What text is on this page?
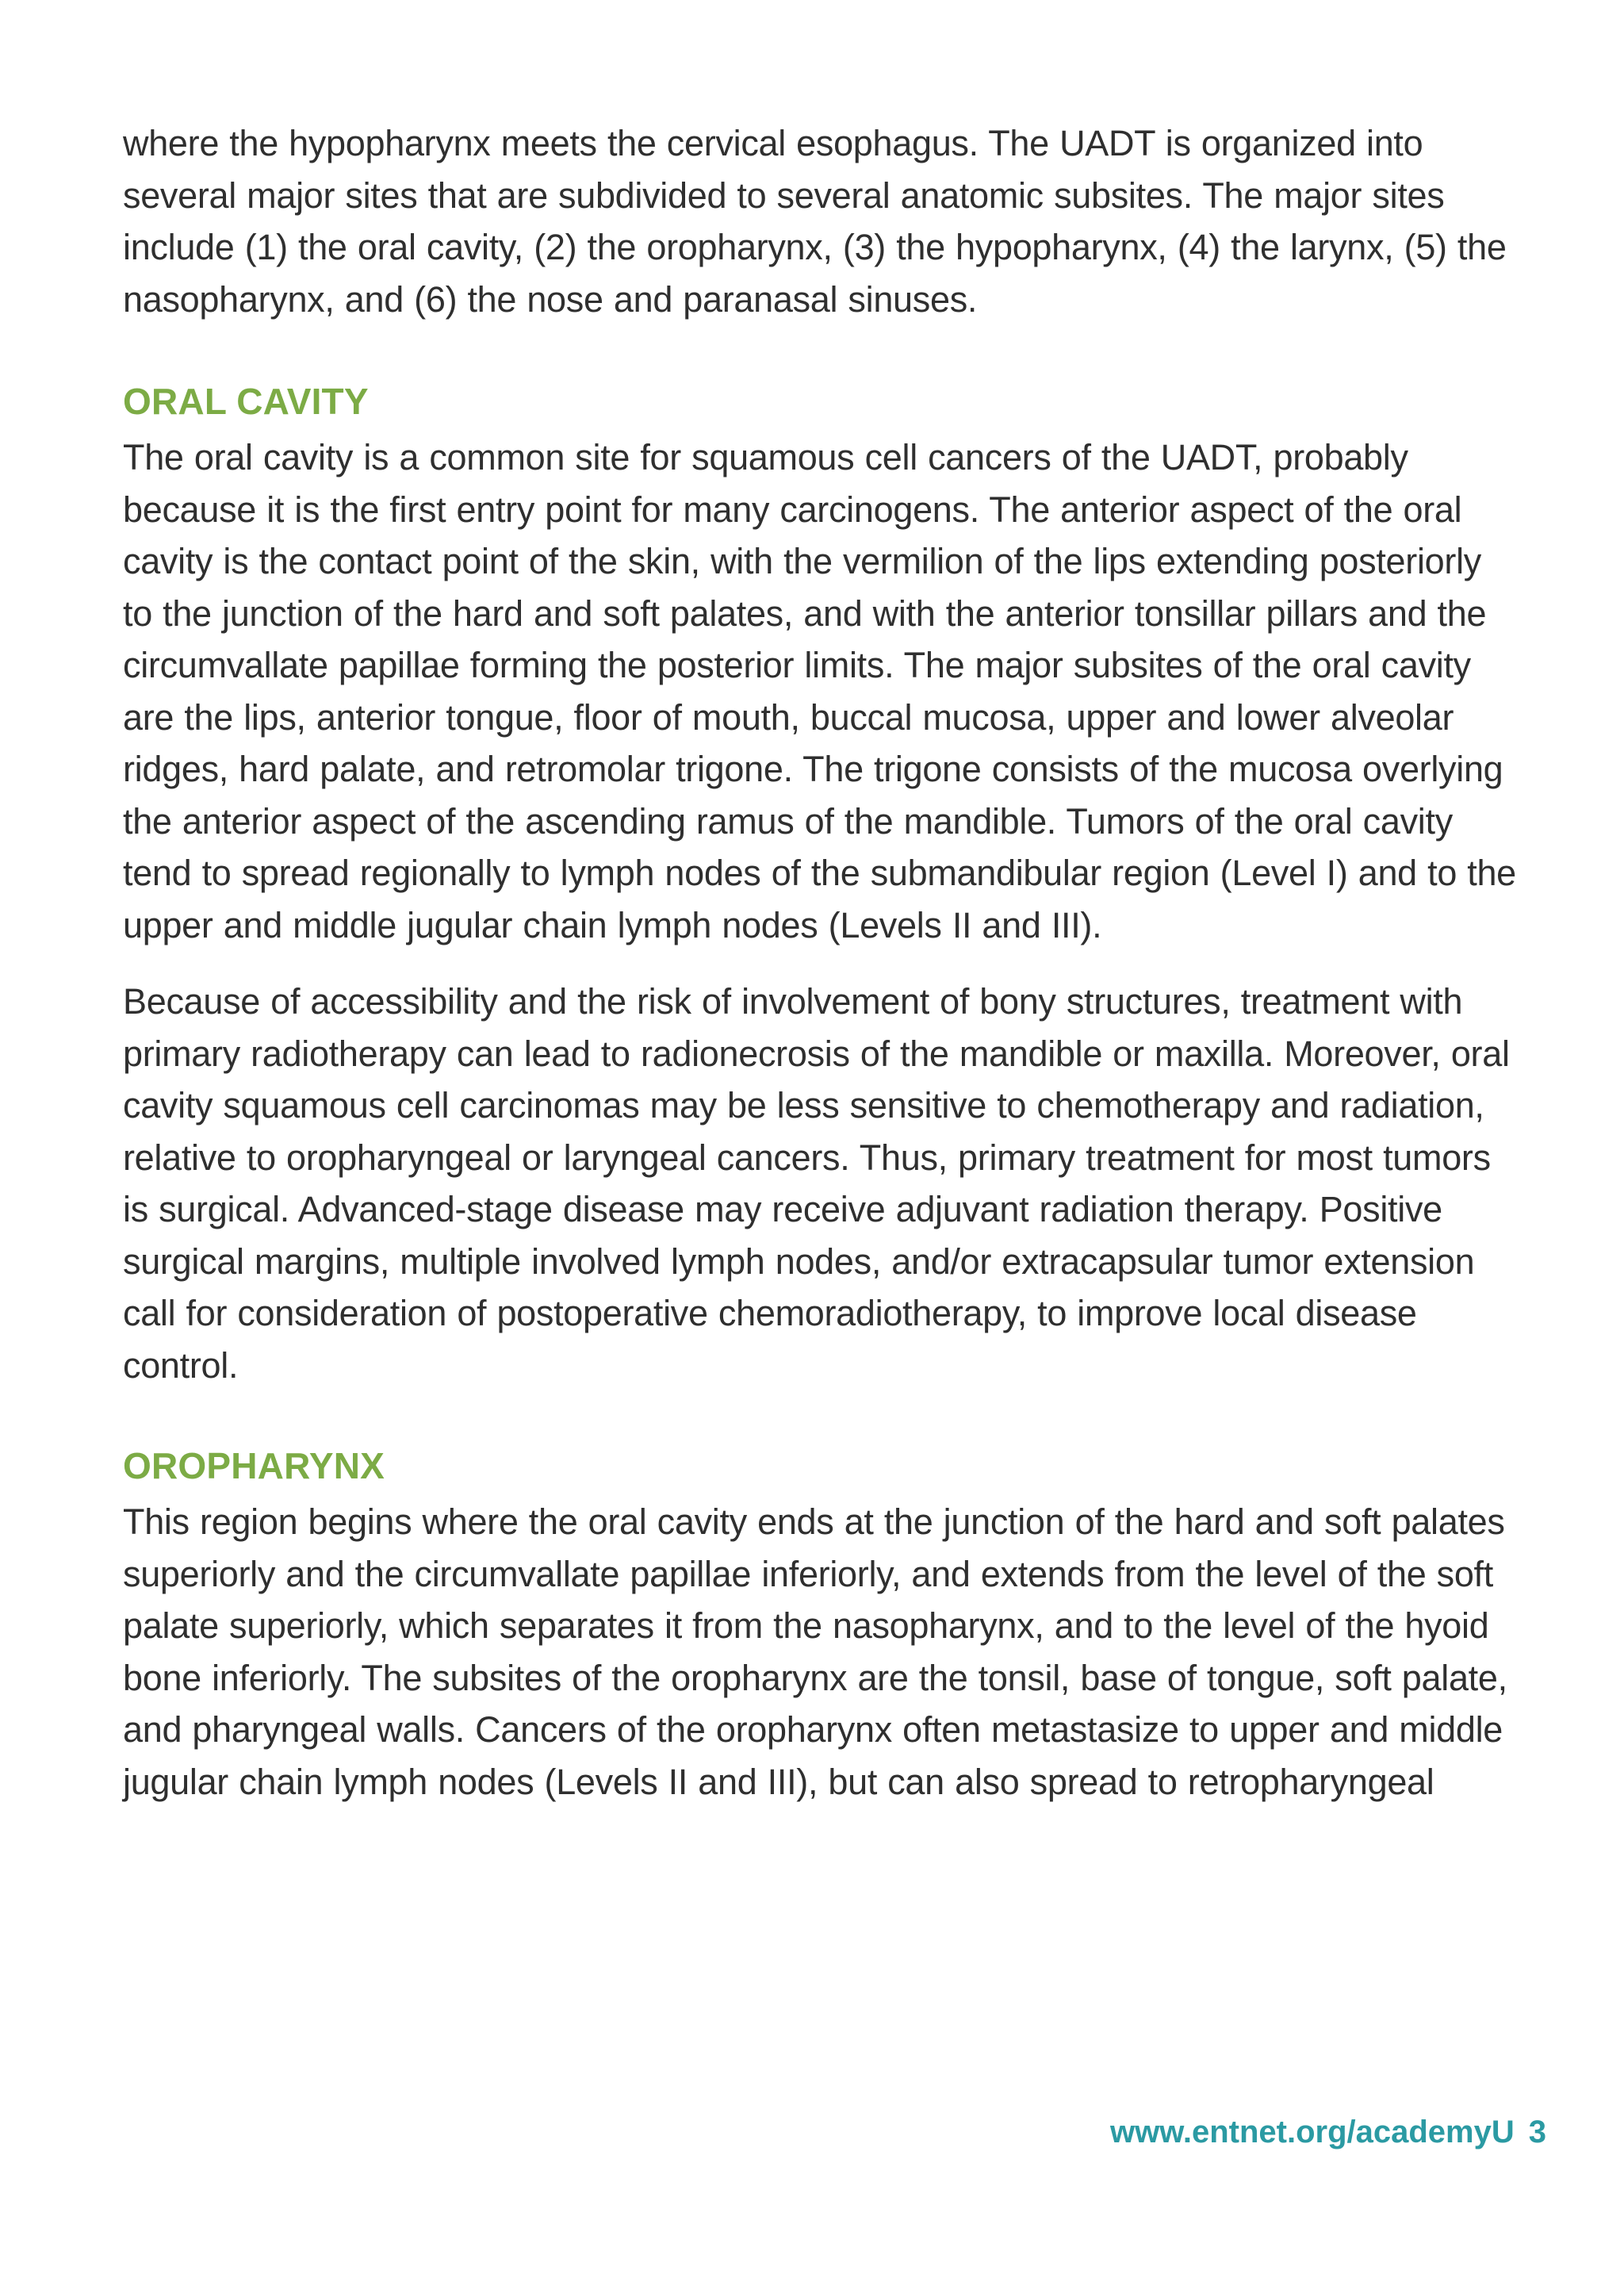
where the hypopharynx meets the cervical esophagus. The UADT is organized into several major sites that are subdivided to several anatomic subsites. The major sites include (1) the oral cavity, (2) the oropharynx, (3) the hypopharynx, (4) the larynx, (5) the nasopharynx, and (6) the nose and paranasal sinuses.

ORAL CAVITY

The oral cavity is a common site for squamous cell cancers of the UADT, probably because it is the first entry point for many carcinogens. The anterior aspect of the oral cavity is the contact point of the skin, with the vermilion of the lips extending posteriorly to the junction of the hard and soft palates, and with the anterior tonsillar pillars and the circumvallate papillae forming the posterior limits. The major subsites of the oral cavity are the lips, anterior tongue, floor of mouth, buccal mucosa, upper and lower alveolar ridges, hard palate, and retromolar trigone. The trigone consists of the mucosa overlying the anterior aspect of the ascending ramus of the mandible. Tumors of the oral cavity tend to spread regionally to lymph nodes of the submandibular region (Level I) and to the upper and middle jugular chain lymph nodes (Levels II and III).

Because of accessibility and the risk of involvement of bony structures, treatment with primary radiotherapy can lead to radionecrosis of the mandible or maxilla. Moreover, oral cavity squamous cell carcinomas may be less sensitive to chemotherapy and radiation, relative to oropharyngeal or laryngeal cancers. Thus, primary treatment for most tumors is surgical. Advanced-stage disease may receive adjuvant radiation therapy. Positive surgical margins, multiple involved lymph nodes, and/or extracapsular tumor extension call for consideration of postoperative chemoradiotherapy, to improve local disease control.

OROPHARYNX

This region begins where the oral cavity ends at the junction of the hard and soft palates superiorly and the circumvallate papillae inferiorly, and extends from the level of the soft palate superiorly, which separates it from the nasopharynx, and to the level of the hyoid bone inferiorly. The subsites of the oropharynx are the tonsil, base of tongue, soft palate, and pharyngeal walls. Cancers of the oropharynx often metastasize to upper and middle jugular chain lymph nodes (Levels II and III), but can also spread to retropharyngeal

www.entnet.org/academyU 3
